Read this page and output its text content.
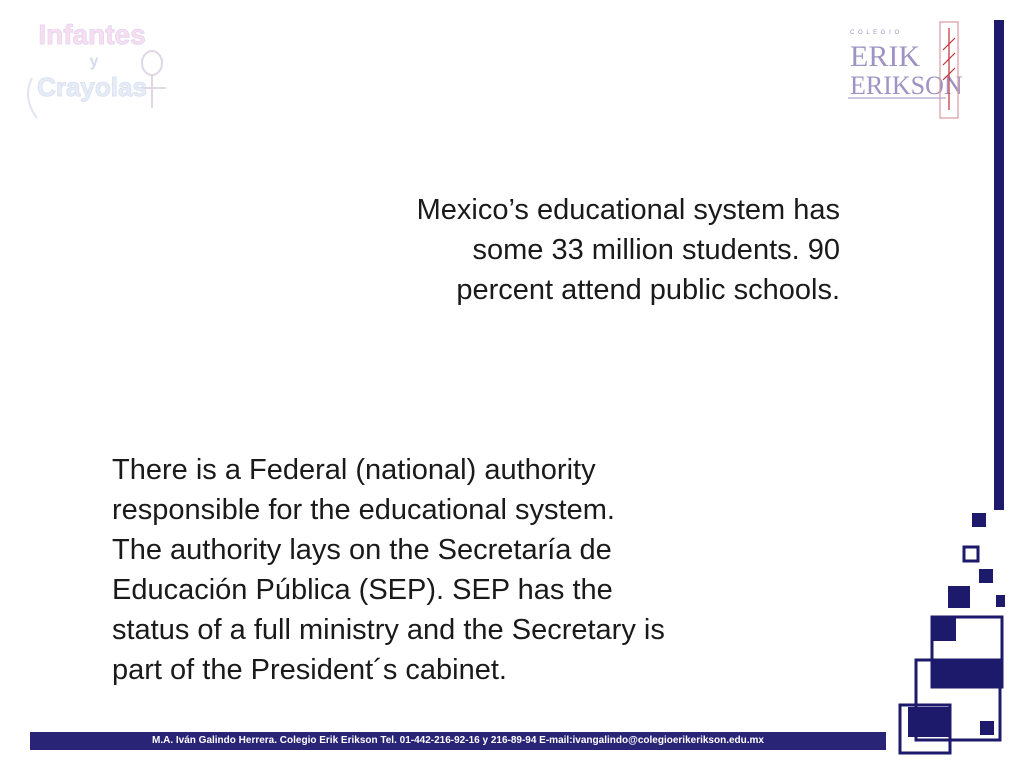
Infantes
y
Crayolas
C O L E G I O
ERIK
ERIKSON
Mexico’s educational system has
some 33 million students. 90
percent attend public schools.
There is a Federal (national) authority
responsible for the educational system.
The authority lays on the Secretaría de
Educación Pública (SEP). SEP has the
status of a full ministry and the Secretary is
part of the President´s cabinet.
M.A. Iván Galindo Herrera. Colegio Erik Erikson Tel. 01-442-216-92-16 y 216-89-94 E-mail:ivangalindo@colegioerikerikson.edu.mx
